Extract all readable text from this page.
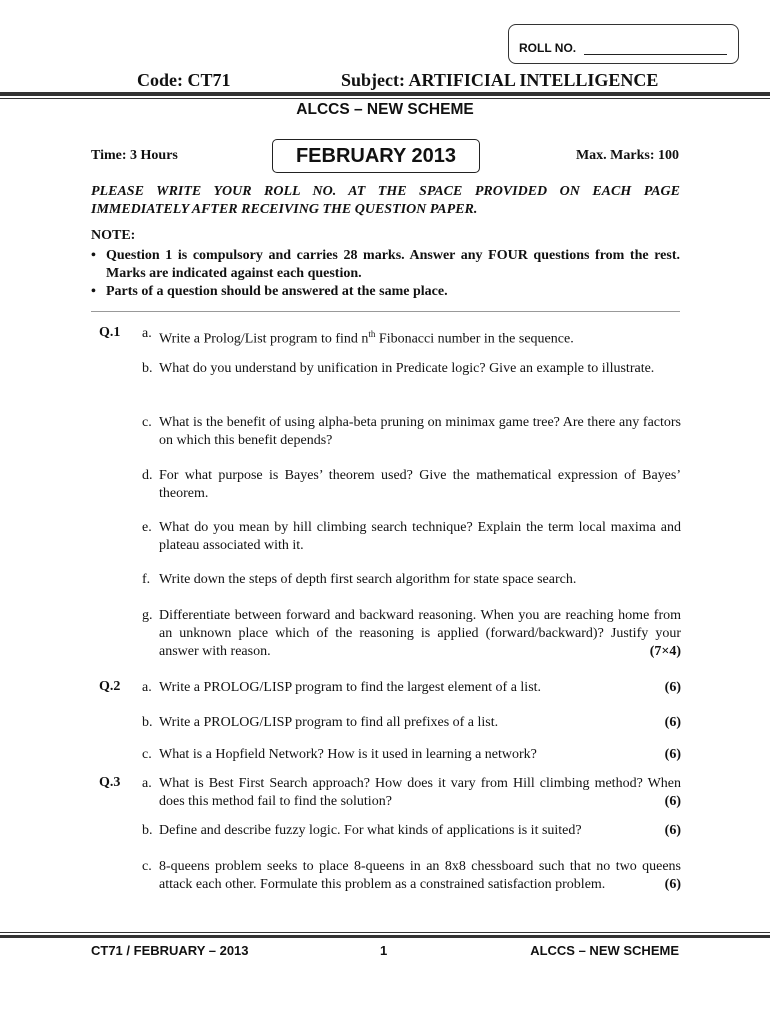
ROLL NO.
Code: CT71	Subject: ARTIFICIAL INTELLIGENCE
ALCCS – NEW SCHEME
Time: 3 Hours	FEBRUARY 2013	Max. Marks: 100
PLEASE WRITE YOUR ROLL NO. AT THE SPACE PROVIDED ON EACH PAGE IMMEDIATELY AFTER RECEIVING THE QUESTION PAPER.
NOTE:
• Question 1 is compulsory and carries 28 marks. Answer any FOUR questions from the rest. Marks are indicated against each question.
• Parts of a question should be answered at the same place.
Q.1 a. Write a Prolog/List program to find $n^{th}$ Fibonacci number in the sequence.
b. What do you understand by unification in Predicate logic? Give an example to illustrate.
c. What is the benefit of using alpha-beta pruning on minimax game tree? Are there any factors on which this benefit depends?
d. For what purpose is Bayes’ theorem used? Give the mathematical expression of Bayes’ theorem.
e. What do you mean by hill climbing search technique? Explain the term local maxima and plateau associated with it.
f. Write down the steps of depth first search algorithm for state space search.
g. Differentiate between forward and backward reasoning. When you are reaching home from an unknown place which of the reasoning is applied (forward/backward)? Justify your answer with reason.	(7×4)
Q.2 a. Write a PROLOG/LISP program to find the largest element of a list.	(6)
b. Write a PROLOG/LISP program to find all prefixes of a list.	(6)
c. What is a Hopfield Network? How is it used in learning a network?	(6)
Q.3 a. What is Best First Search approach? How does it vary from Hill climbing method? When does this method fail to find the solution?	(6)
b. Define and describe fuzzy logic. For what kinds of applications is it suited?	(6)
c. 8-queens problem seeks to place 8-queens in an 8x8 chessboard such that no two queens attack each other. Formulate this problem as a constrained satisfaction problem.	(6)
CT71 / FEBRUARY – 2013	1	ALCCS – NEW SCHEME
